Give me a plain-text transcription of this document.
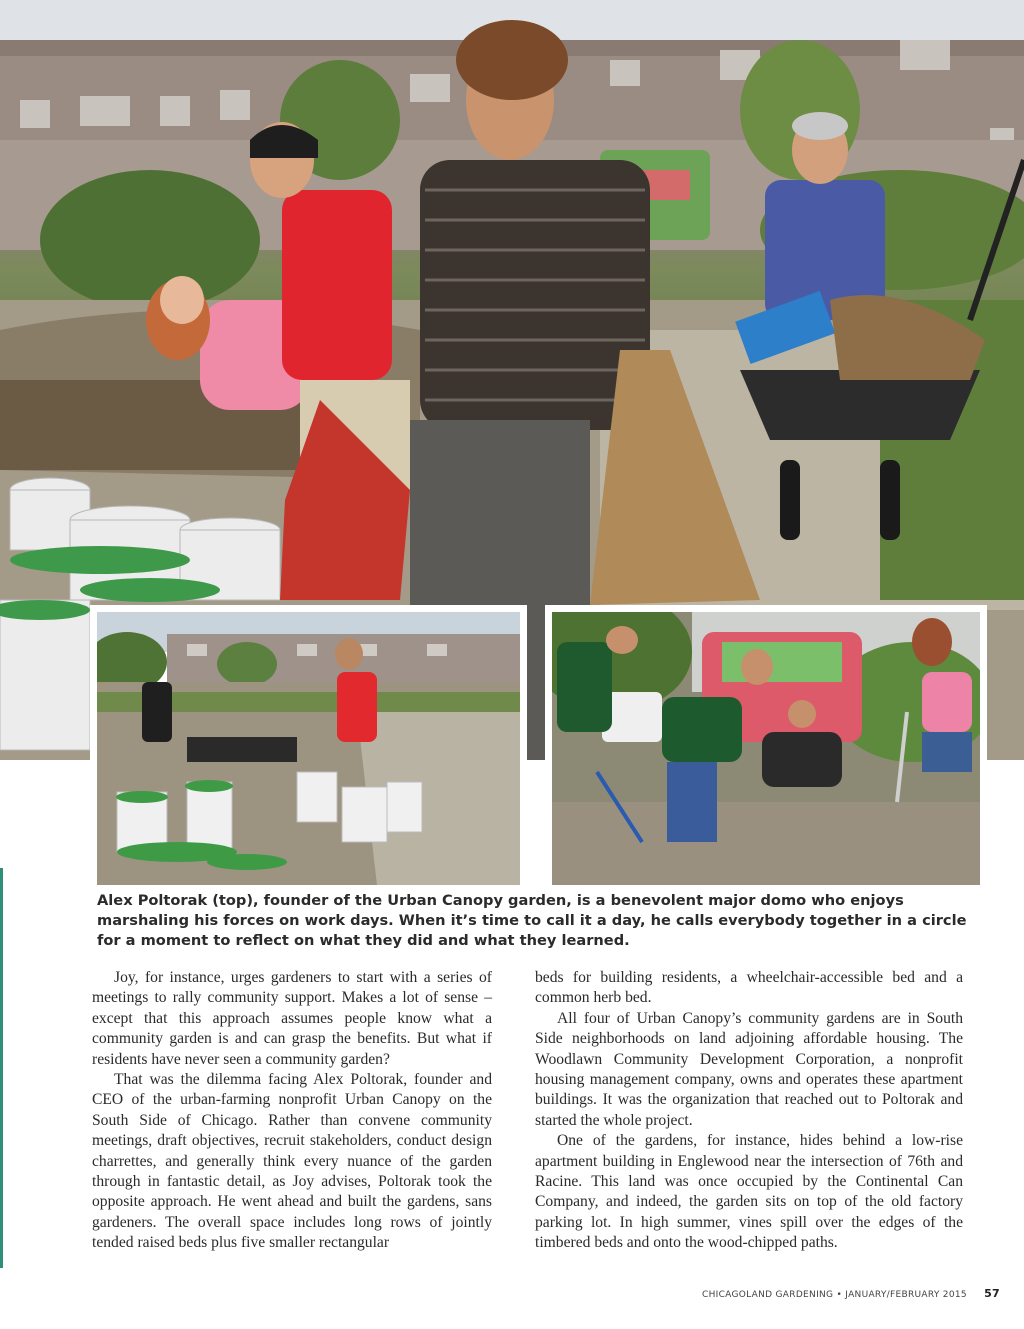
Alex Poltorak (top), founder of the Urban Canopy garden, is a benevolent major domo who enjoys marshaling his forces on work days. When it’s time to call it a day, he calls everybody together in a circle for a moment to reflect on what they did and what they learned.

Joy, for instance, urges gardeners to start with a series of meetings to rally community support. Makes a lot of sense – except that this approach assumes people know what a community garden is and can grasp the benefits. But what if residents have never seen a community garden?

That was the dilemma facing Alex Poltorak, founder and CEO of the urban-farming nonprofit Urban Canopy on the South Side of Chicago. Rather than convene community meetings, draft objectives, recruit stakeholders, conduct design charrettes, and generally think every nuance of the garden through in fantastic detail, as Joy advises, Poltorak took the opposite approach. He went ahead and built the gardens, sans gardeners. The overall space includes long rows of jointly tended raised beds plus five smaller rectangular

beds for building residents, a wheelchair-accessible bed and a common herb bed.

All four of Urban Canopy’s community gardens are in South Side neighborhoods on land adjoining affordable housing. The Woodlawn Community Development Corporation, a nonprofit housing management company, owns and operates these apartment buildings. It was the organization that reached out to Poltorak and started the whole project.

One of the gardens, for instance, hides behind a low-rise apartment building in Englewood near the intersection of 76th and Racine. This land was once occupied by the Continental Can Company, and indeed, the garden sits on top of the old factory parking lot. In high summer, vines spill over the edges of the timbered beds and onto the wood-chipped paths.

CHICAGOLAND GARDENING • JANUARY/FEBRUARY 2015 57
